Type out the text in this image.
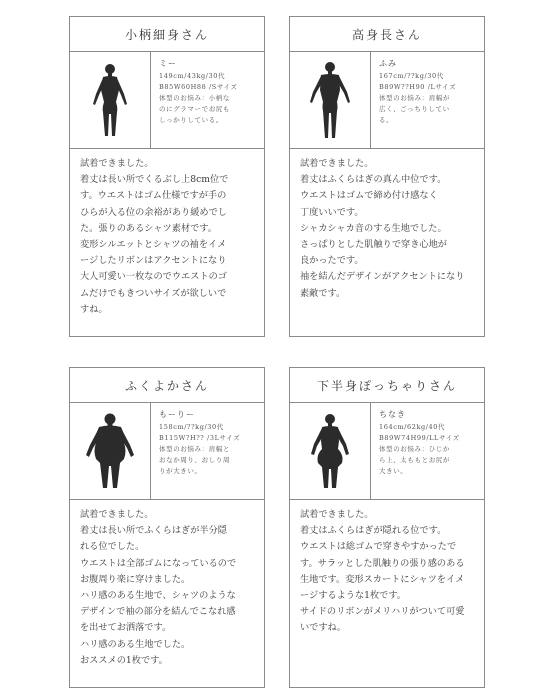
小柄細身さん
ミー
149cm/43kg/30代
B85W60H88 /Sサイズ
体型のお悩み：小柄な
のにグラマーでお尻も
しっかりしている。
試着できました。
着丈は長い所でくるぶし上8cm位で
す。ウエストはゴム仕様ですが手の
ひらが入る位の余裕があり緩めでし
た。張りのあるシャツ素材です。
変形シルエットとシャツの袖をイメ
ージしたリボンはアクセントになり
大人可愛い一枚なのでウエストのゴ
ムだけでもきついサイズが欲しいで
すね。
高身長さん
ふみ
167cm/??kg/30代
B89W??H90 /Lサイズ
体型のお悩み：肩幅が
広く、ごっちりしてい
る。
試着できました。
着丈はふくらはぎの真ん中位です。
ウエストはゴムで締め付け感なく
丁度いいです。
シャカシャカ音のする生地でした。
さっぱりとした肌触りで穿き心地が
良かったです。
袖を結んだデザインがアクセントになり
素敵です。
ふくよかさん
もーりー
158cm/??kg/30代
B115W?H?? /3Lサイズ
体型のお悩み：肩幅と
おなか周り、おしり周
りが大きい。
試着できました。
着丈は長い所でふくらはぎが半分隠
れる位でした。
ウエストは全部ゴムになっているので
お腹周り楽に穿けました。
ハリ感のある生地で、シャツのような
デザインで袖の部分を結んでこなれ感
を出せてお洒落です。
ハリ感のある生地でした。
おススメの1枚です。
下半身ぽっちゃりさん
ちなき
164cm/62kg/40代
B89W74H99/LLサイズ
体型のお悩み：ひじか
ら上、太ももとお尻が
大きい。
試着できました。
着丈はふくらはぎが隠れる位です。
ウエストは総ゴムで穿きやすかったで
す。サラッとした肌触りの張り感のある
生地です。変形スカートにシャツをイメ
ージするような1枚です。
サイドのリボンがメリハリがついて可愛
いですね。
